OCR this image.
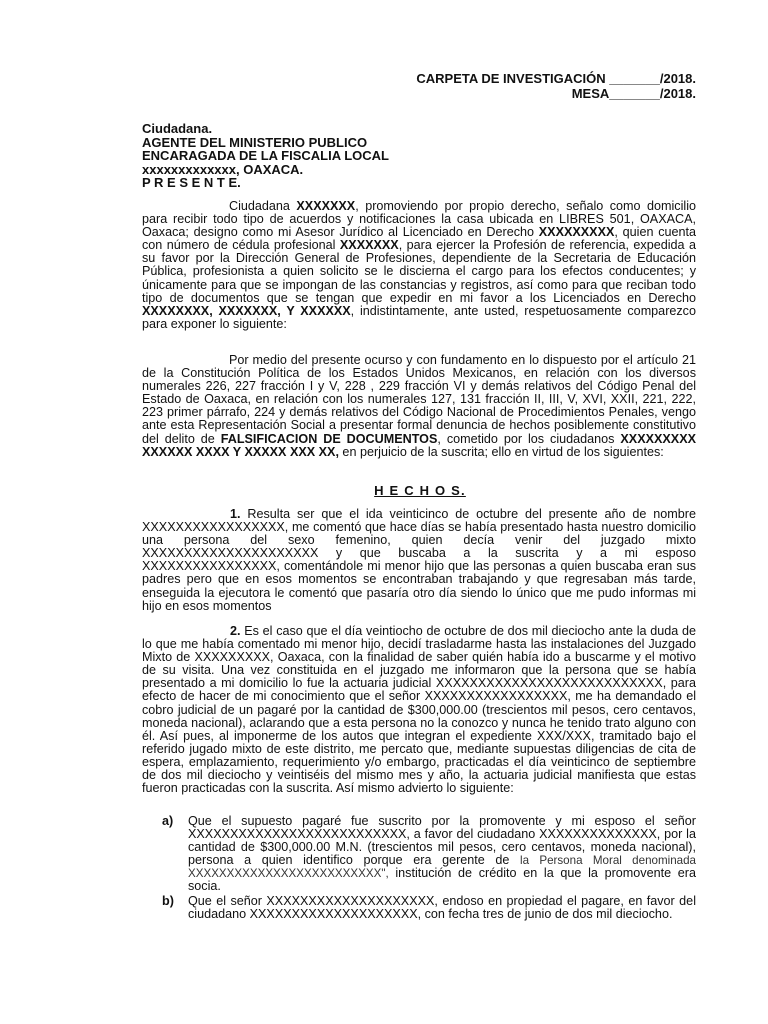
CARPETA DE INVESTIGACIÓN _______/2018.
MESA_______/2018.
Ciudadana.
AGENTE DEL MINISTERIO PUBLICO
ENCARAGADA DE LA FISCALIA LOCAL
xxxxxxxxxxxxx, OAXACA.
P R E S E N T E.
Ciudadana XXXXXXX, promoviendo por propio derecho, señalo como domicilio para recibir todo tipo de acuerdos y notificaciones la casa ubicada en LIBRES 501, OAXACA, Oaxaca; designo como mi Asesor Jurídico al Licenciado en Derecho XXXXXXXXX, quien cuenta con número de cédula profesional XXXXXXX, para ejercer la Profesión de referencia, expedida a su favor por la Dirección General de Profesiones, dependiente de la Secretaria de Educación Pública, profesionista a quien solicito se le discierna el cargo para los efectos conducentes; y únicamente para que se impongan de las constancias y registros, así como para que reciban todo tipo de documentos que se tengan que expedir en mi favor a los Licenciados en Derecho XXXXXXXX, XXXXXXX, Y XXXXXX, indistintamente, ante usted, respetuosamente comparezco para exponer lo siguiente:
Por medio del presente ocurso y con fundamento en lo dispuesto por el artículo 21 de la Constitución Política de los Estados Unidos Mexicanos, en relación con los diversos numerales 226, 227 fracción I y V, 228 , 229 fracción VI y demás relativos del Código Penal del Estado de Oaxaca, en relación con los numerales 127, 131 fracción II, III, V, XVI, XXII, 221, 222, 223 primer párrafo, 224 y demás relativos del Código Nacional de Procedimientos Penales, vengo ante esta Representación Social a presentar formal denuncia de hechos posiblemente constitutivo del delito de FALSIFICACION DE DOCUMENTOS, cometido por los ciudadanos XXXXXXXXX XXXXXX XXXX Y XXXXX XXX XX, en perjuicio de la suscrita; ello en virtud de los siguientes:
H E C H O S.
1. Resulta ser que el ida veinticinco de octubre del presente año de nombre XXXXXXXXXXXXXXXXX, me comentó que hace días se había presentado hasta nuestro domicilio una persona del sexo femenino, quien decía venir del juzgado mixto XXXXXXXXXXXXXXXXXXXXX y que buscaba a la suscrita y a mi esposo XXXXXXXXXXXXXXXX, comentándole mi menor hijo que las personas a quien buscaba eran sus padres pero que en esos momentos se encontraban trabajando y que regresaban más tarde, enseguida la ejecutora le comentó que pasaría otro día siendo lo único que me pudo informas mi hijo en esos momentos
2. Es el caso que el día veintiocho de octubre de dos mil dieciocho ante la duda de lo que me había comentado mi menor hijo, decidí trasladarme hasta las instalaciones del Juzgado Mixto de XXXXXXXXX, Oaxaca, con la finalidad de saber quién había ido a buscarme y el motivo de su visita. Una vez constituida en el juzgado me informaron que la persona que se había presentado a mi domicilio lo fue la actuaria judicial XXXXXXXXXXXXXXXXXXXXXXXXXXX, para efecto de hacer de mi conocimiento que el señor XXXXXXXXXXXXXXXXX, me ha demandado el cobro judicial de un pagaré por la cantidad de $300,000.00 (trescientos mil pesos, cero centavos, moneda nacional), aclarando que a esta persona no la conozco y nunca he tenido trato alguno con él. Así pues, al imponerme de los autos que integran el expediente XXX/XXX, tramitado bajo el referido jugado mixto de este distrito, me percato que, mediante supuestas diligencias de cita de espera, emplazamiento, requerimiento y/o embargo, practicadas el día veinticinco de septiembre de dos mil dieciocho y veintiséis del mismo mes y año, la actuaria judicial manifiesta que estas fueron practicadas con la suscrita. Así mismo advierto lo siguiente:
a)	Que el supuesto pagaré fue suscrito por la promovente y mi esposo el señor XXXXXXXXXXXXXXXXXXXXXXXXXX, a favor del ciudadano XXXXXXXXXXXXXX, por la cantidad de $300,000.00 M.N. (trescientos mil pesos, cero centavos, moneda nacional), persona a quien identifico porque era gerente de la Persona Moral denominada XXXXXXXXXXXXXXXXXXXXXXXXX", institución de crédito en la que la promovente era socia.
b)	Que el señor XXXXXXXXXXXXXXXXXXXX, endoso en propiedad el pagare, en favor del ciudadano XXXXXXXXXXXXXXXXXXXX, con fecha tres de junio de dos mil dieciocho.
